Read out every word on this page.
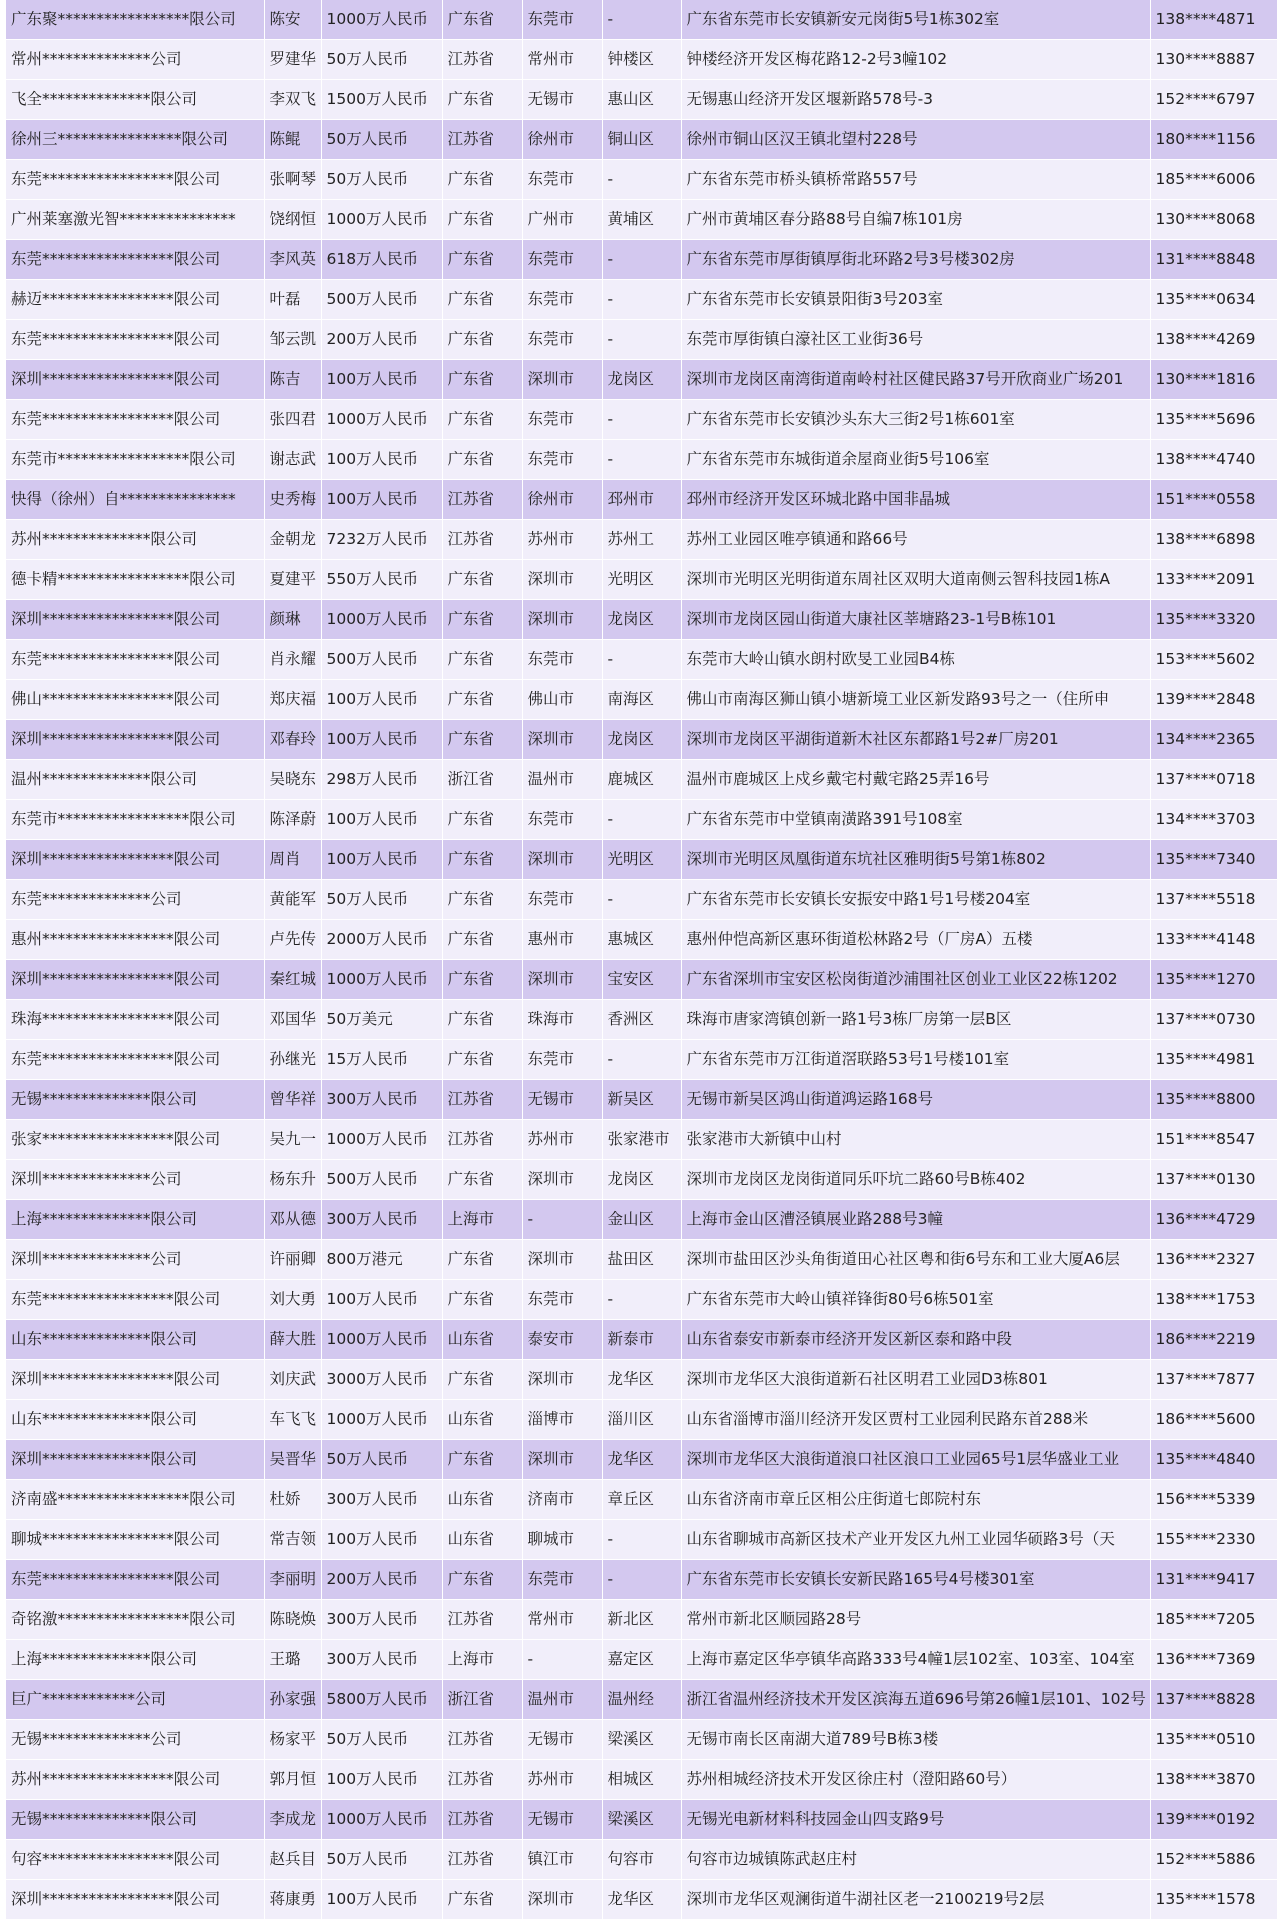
广东聚*****************限公司	陈安	1000万人民币	广东省	东莞市	-	广东省东莞市长安镇新安元岗街5号1栋302室	138****4871
常州**************公司	罗建华	50万人民币	江苏省	常州市	钟楼区	钟楼经济开发区梅花路12-2号3幢102	130****8887
飞全**************限公司	李双飞	1500万人民币	广东省	无锡市	惠山区	无锡惠山经济开发区堰新路578号-3	152****6797
徐州三****************限公司	陈鲲	50万人民币	江苏省	徐州市	铜山区	徐州市铜山区汉王镇北望村228号	180****1156
东莞*****************限公司	张啊琴	50万人民币	广东省	东莞市	-	广东省东莞市桥头镇桥常路557号	185****6006
广州莱塞激光智***************	饶纲恒	1000万人民币	广东省	广州市	黄埔区	广州市黄埔区春分路88号自编7栋101房	130****8068
东莞*****************限公司	李风英	618万人民币	广东省	东莞市	-	广东省东莞市厚街镇厚街北环路2号3号楼302房	131****8848
赫迈*****************限公司	叶磊	500万人民币	广东省	东莞市	-	广东省东莞市长安镇景阳街3号203室	135****0634
东莞*****************限公司	邹云凯	200万人民币	广东省	东莞市	-	东莞市厚街镇白濠社区工业街36号	138****4269
深圳*****************限公司	陈吉	100万人民币	广东省	深圳市	龙岗区	深圳市龙岗区南湾街道南岭村社区健民路37号开欣商业广场201	130****1816
东莞*****************限公司	张四君	1000万人民币	广东省	东莞市	-	广东省东莞市长安镇沙头东大三街2号1栋601室	135****5696
东莞市*****************限公司	谢志武	100万人民币	广东省	东莞市	-	广东省东莞市东城街道余屋商业街5号106室	138****4740
快得（徐州）自***************	史秀梅	100万人民币	江苏省	徐州市	邳州市	邳州市经济开发区环城北路中国非晶城	151****0558
苏州**************限公司	金朝龙	7232万人民币	江苏省	苏州市	苏州工	苏州工业园区唯亭镇通和路66号	138****6898
德卡精*****************限公司	夏建平	550万人民币	广东省	深圳市	光明区	深圳市光明区光明街道东周社区双明大道南侧云智科技园1栋A	133****2091
深圳*****************限公司	颜琳	1000万人民币	广东省	深圳市	龙岗区	深圳市龙岗区园山街道大康社区莘塘路23-1号B栋101	135****3320
东莞*****************限公司	肖永耀	500万人民币	广东省	东莞市	-	东莞市大岭山镇水朗村欧旻工业园B4栋	153****5602
佛山*****************限公司	郑庆福	100万人民币	广东省	佛山市	南海区	佛山市南海区狮山镇小塘新境工业区新发路93号之一（住所申	139****2848
深圳*****************限公司	邓春玲	100万人民币	广东省	深圳市	龙岗区	深圳市龙岗区平湖街道新木社区东都路1号2#厂房201	134****2365
温州**************限公司	吴晓东	298万人民币	浙江省	温州市	鹿城区	温州市鹿城区上戍乡戴宅村戴宅路25弄16号	137****0718
东莞市*****************限公司	陈泽蔚	100万人民币	广东省	东莞市	-	广东省东莞市中堂镇南潢路391号108室	134****3703
深圳*****************限公司	周肖	100万人民币	广东省	深圳市	光明区	深圳市光明区凤凰街道东坑社区雅明街5号第1栋802	135****7340
东莞**************公司	黄能军	50万人民币	广东省	东莞市	-	广东省东莞市长安镇长安振安中路1号1号楼204室	137****5518
惠州*****************限公司	卢先传	2000万人民币	广东省	惠州市	惠城区	惠州仲恺高新区惠环街道松林路2号（厂房A）五楼	133****4148
深圳*****************限公司	秦红城	1000万人民币	广东省	深圳市	宝安区	广东省深圳市宝安区松岗街道沙浦围社区创业工业区22栋1202	135****1270
珠海*****************限公司	邓国华	50万美元	广东省	珠海市	香洲区	珠海市唐家湾镇创新一路1号3栋厂房第一层B区	137****0730
东莞*****************限公司	孙继光	15万人民币	广东省	东莞市	-	广东省东莞市万江街道滘联路53号1号楼101室	135****4981
无锡**************限公司	曾华祥	300万人民币	江苏省	无锡市	新吴区	无锡市新吴区鸿山街道鸿运路168号	135****8800
张家*****************限公司	吴九一	1000万人民币	江苏省	苏州市	张家港市	张家港市大新镇中山村	151****8547
深圳**************公司	杨东升	500万人民币	广东省	深圳市	龙岗区	深圳市龙岗区龙岗街道同乐吓坑二路60号B栋402	137****0130
上海**************限公司	邓从德	300万人民币	上海市	-	金山区	上海市金山区漕泾镇展业路288号3幢	136****4729
深圳**************公司	许丽卿	800万港元	广东省	深圳市	盐田区	深圳市盐田区沙头角街道田心社区粤和街6号东和工业大厦A6层	136****2327
东莞*****************限公司	刘大勇	100万人民币	广东省	东莞市	-	广东省东莞市大岭山镇祥锋街80号6栋501室	138****1753
山东**************限公司	薛大胜	1000万人民币	山东省	泰安市	新泰市	山东省泰安市新泰市经济开发区新区泰和路中段	186****2219
深圳*****************限公司	刘庆武	3000万人民币	广东省	深圳市	龙华区	深圳市龙华区大浪街道新石社区明君工业园D3栋801	137****7877
山东**************限公司	车飞飞	1000万人民币	山东省	淄博市	淄川区	山东省淄博市淄川经济开发区贾村工业园利民路东首288米	186****5600
深圳**************限公司	吴晋华	50万人民币	广东省	深圳市	龙华区	深圳市龙华区大浪街道浪口社区浪口工业园65号1层华盛业工业	135****4840
济南盛*****************限公司	杜娇	300万人民币	山东省	济南市	章丘区	山东省济南市章丘区相公庄街道七郎院村东	156****5339
聊城*****************限公司	常吉领	100万人民币	山东省	聊城市	-	山东省聊城市高新区技术产业开发区九州工业园华硕路3号（天	155****2330
东莞*****************限公司	李丽明	200万人民币	广东省	东莞市	-	广东省东莞市长安镇长安新民路165号4号楼301室	131****9417
奇铭激*****************限公司	陈晓焕	300万人民币	江苏省	常州市	新北区	常州市新北区顺园路28号	185****7205
上海**************限公司	王璐	300万人民币	上海市	-	嘉定区	上海市嘉定区华亭镇华高路333号4幢1层102室、103室、104室	136****7369
巨广************公司	孙家强	5800万人民币	浙江省	温州市	温州经	浙江省温州经济技术开发区滨海五道696号第26幢1层101、102号	137****8828
无锡**************公司	杨家平	50万人民币	江苏省	无锡市	梁溪区	无锡市南长区南湖大道789号B栋3楼	135****0510
苏州*****************限公司	郭月恒	100万人民币	江苏省	苏州市	相城区	苏州相城经济技术开发区徐庄村（澄阳路60号）	138****3870
无锡**************限公司	李成龙	1000万人民币	江苏省	无锡市	梁溪区	无锡光电新材料科技园金山四支路9号	139****0192
句容*****************限公司	赵兵目	50万人民币	江苏省	镇江市	句容市	句容市边城镇陈武赵庄村	152****5886
深圳*****************限公司	蒋康勇	100万人民币	广东省	深圳市	龙华区	深圳市龙华区观澜街道牛湖社区老一2100219号2层	135****1578
